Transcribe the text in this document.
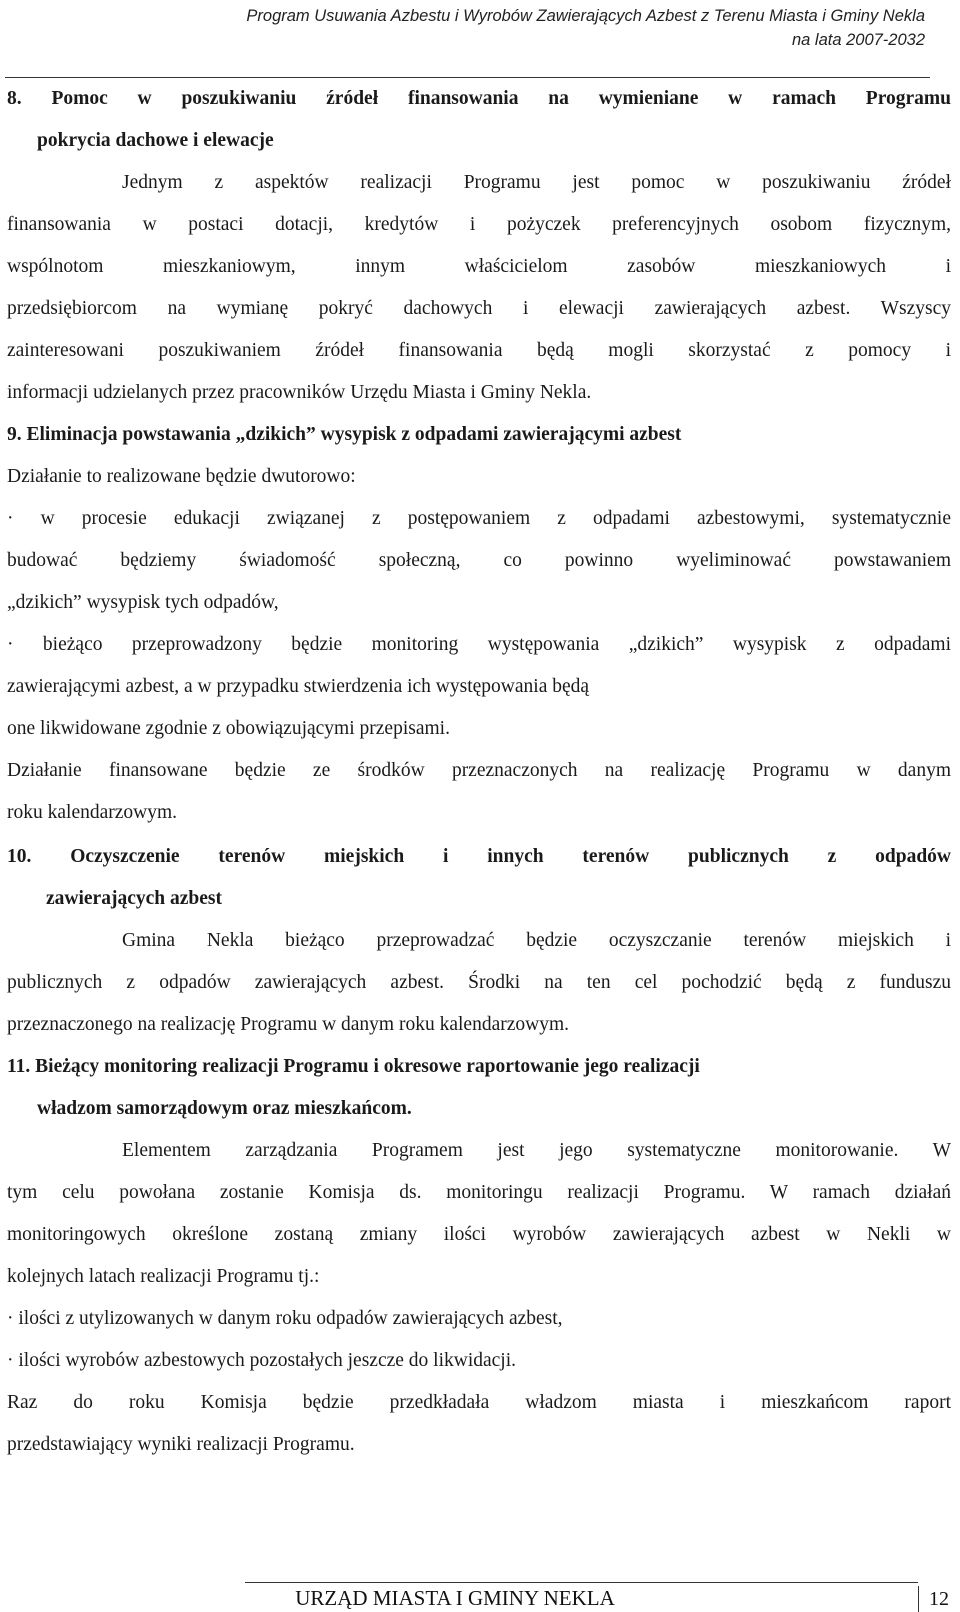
Program Usuwania Azbestu i Wyrobów Zawierających Azbest z Terenu Miasta i Gminy Nekla
na lata 2007-2032
8. Pomoc w poszukiwaniu źródeł finansowania na wymieniane w ramach Programu
pokrycia dachowe i elewacje
Jednym z aspektów realizacji Programu jest pomoc w poszukiwaniu źródeł
finansowania w postaci dotacji, kredytów i pożyczek preferencyjnych osobom fizycznym,
wspólnotom mieszkaniowym, innym właścicielom zasobów mieszkaniowych i
przedsiębiorcom na wymianę pokryć dachowych i elewacji zawierających azbest. Wszyscy
zainteresowani poszukiwaniem źródeł finansowania będą mogli skorzystać z pomocy i
informacji udzielanych przez pracowników Urzędu Miasta i Gminy Nekla.
9. Eliminacja powstawania „dzikich” wysypisk z odpadami zawierającymi azbest
Działanie to realizowane będzie dwutorowo:
· w procesie edukacji związanej z postępowaniem z odpadami azbestowymi, systematycznie
budować będziemy świadomość społeczną, co powinno wyeliminować powstawaniem
„dzikich” wysypisk tych odpadów,
· bieżąco przeprowadzony będzie monitoring występowania „dzikich” wysypisk z odpadami
zawierającymi azbest, a w przypadku stwierdzenia ich występowania będą
one likwidowane zgodnie z obowiązującymi przepisami.
Działanie finansowane będzie ze środków przeznaczonych na realizację Programu w danym
roku kalendarzowym.
10. Oczyszczenie terenów miejskich i innych terenów publicznych z odpadów
zawierających azbest
Gmina Nekla bieżąco przeprowadzać będzie oczyszczanie terenów miejskich i
publicznych z odpadów zawierających azbest. Środki na ten cel pochodzić będą z funduszu
przeznaczonego na realizację Programu w danym roku kalendarzowym.
11. Bieżący monitoring realizacji Programu i okresowe raportowanie jego realizacji
władzom samorządowym oraz mieszkańcom.
Elementem zarządzania Programem jest jego systematyczne monitorowanie. W
tym celu powołana zostanie Komisja ds. monitoringu realizacji Programu. W ramach działań
monitoringowych określone zostaną zmiany ilości wyrobów zawierających azbest w Nekli w
kolejnych latach realizacji Programu tj.:
· ilości z utylizowanych w danym roku odpadów zawierających azbest,
· ilości wyrobów azbestowych pozostałych jeszcze do likwidacji.
Raz do roku Komisja będzie przedkładała władzom miasta i mieszkańcom raport
przedstawiający wyniki realizacji Programu.
URZĄD MIASTA I GMINY NEKLA	12
